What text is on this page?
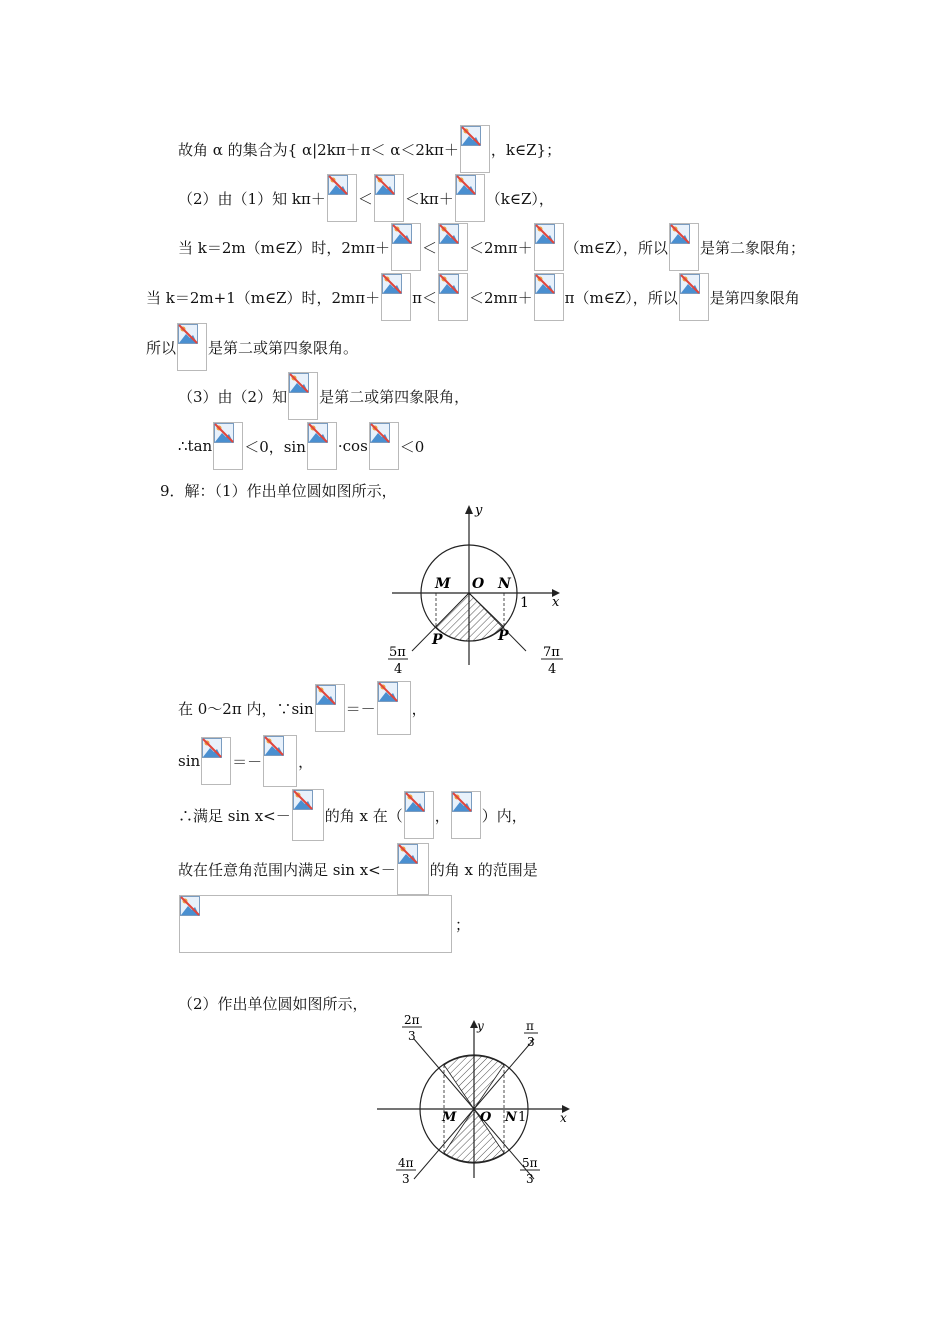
故角 α 的集合为{ α|2kπ＋π＜ α＜2kπ＋ ，k∈Z}；
（2）由（1）知 kπ＋ ＜ ＜kπ＋ （k∈Z），
当 k＝2m（m∈Z）时，2mπ＋ ＜ ＜2mπ＋ （m∈Z），所以 是第二象限角；
当 k＝2m+1（m∈Z）时，2mπ＋ π＜ ＜2mπ＋ π（m∈Z），所以 是第四象限角
所以 是第二或第四象限角。
（3）由（2）知 是第二或第四象限角，
∴tan ＜0，sin ·cos ＜0
9．解：（1）作出单位圆如图所示，
y
x
M O N
1
P	P
5π
4
7π
4
在 0～2π 内，∵sin ＝－ ，
sin ＝－ ，
∴满足 sin x<－ 的角 x 在（ ， ）内，
故在任意角范围内满足 sin x<－ 的角 x 的范围是
；
（2）作出单位圆如图所示，
y
x
M O N 1
2π
3
π
3
4π
3
5π
3
